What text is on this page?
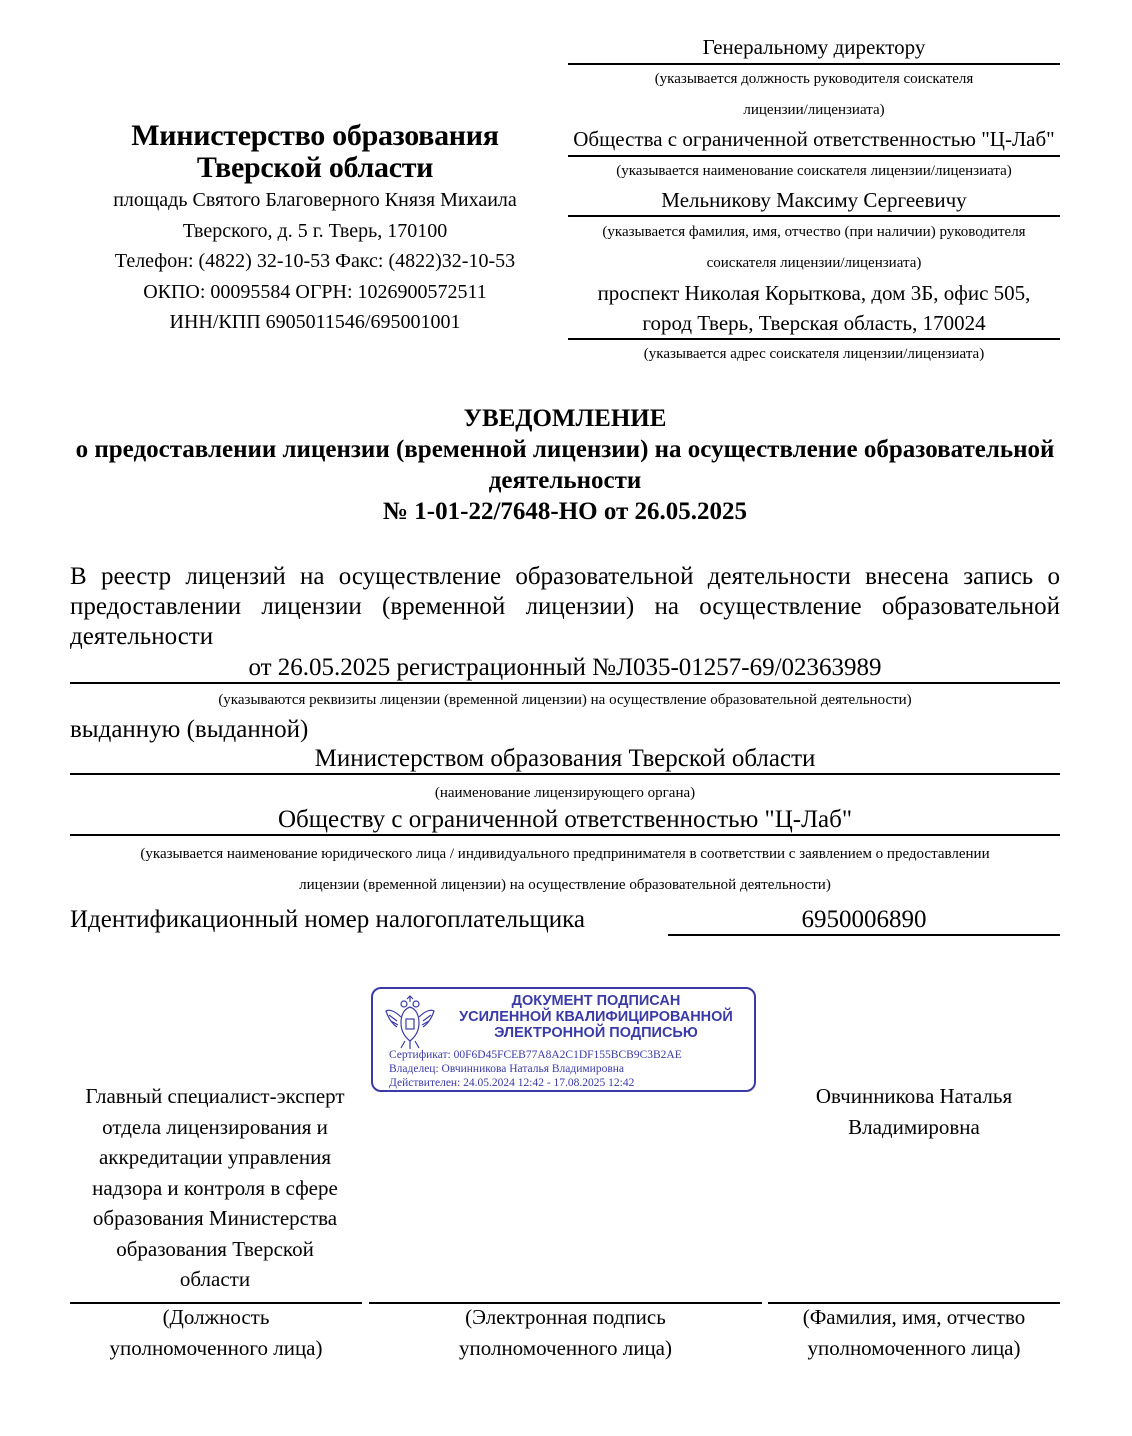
Генеральному директору
(указывается должность руководителя соискателя
лицензии/лицензиата)
Общества с ограниченной ответственностью "Ц-Лаб"
(указывается наименование соискателя лицензии/лицензиата)
Мельникову Максиму Сергеевичу
(указывается фамилия, имя, отчество (при наличии) руководителя
соискателя лицензии/лицензиата)
проспект Николая Корыткова, дом 3Б, офис 505,
город Тверь, Тверская область, 170024
(указывается адрес соискателя лицензии/лицензиата)
Министерство образования Тверской области
площадь Святого Благоверного Князя Михаила
Тверского, д. 5 г. Тверь, 170100
Телефон: (4822) 32-10-53 Факс: (4822)32-10-53
ОКПО: 00095584 ОГРН: 1026900572511
ИНН/КПП 6905011546/695001001
УВЕДОМЛЕНИЕ
о предоставлении лицензии (временной лицензии) на осуществление образовательной деятельности
№ 1-01-22/7648-НО от 26.05.2025
В реестр лицензий на осуществление образовательной деятельности внесена запись о предоставлении лицензии (временной лицензии) на осуществление образовательной деятельности
от 26.05.2025 регистрационный №Л035-01257-69/02363989
(указываются реквизиты лицензии (временной лицензии) на осуществление образовательной деятельности)
выданную (выданной)
Министерством образования Тверской области
(наименование лицензирующего органа)
Обществу с ограниченной ответственностью "Ц-Лаб"
(указывается наименование юридического лица / индивидуального предпринимателя в соответствии с заявлением о предоставлении
лицензии (временной лицензии) на осуществление образовательной деятельности)
Идентификационный номер налогоплательщика	6950006890
ДОКУМЕНТ ПОДПИСАН
УСИЛЕННОЙ КВАЛИФИЦИРОВАННОЙ
ЭЛЕКТРОННОЙ ПОДПИСЬЮ
Сертификат: 00F6D45FCEB77A8A2C1DF155BCB9C3B2AE
Владелец: Овчинникова Наталья Владимировна
Действителен: 24.05.2024 12:42 - 17.08.2025 12:42
Главный специалист-эксперт
отдела лицензирования и
аккредитации управления
надзора и контроля в сфере
образования Министерства
образования Тверской
области
Овчинникова Наталья
Владимировна
(Должность
уполномоченного лица)
(Электронная подпись
уполномоченного лица)
(Фамилия, имя, отчество
уполномоченного лица)
